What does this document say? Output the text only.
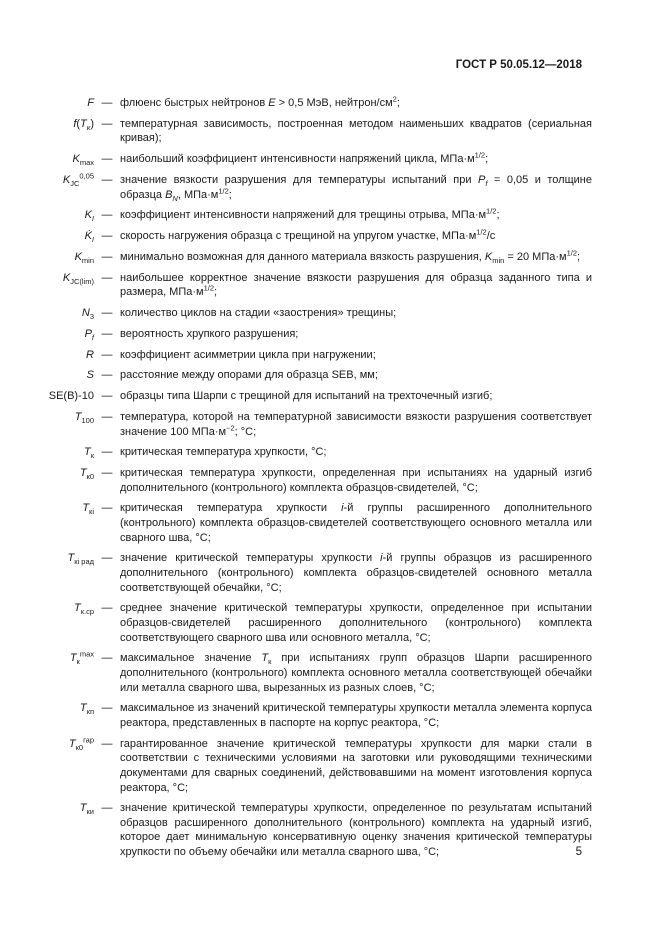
ГОСТ Р 50.05.12—2018
F — флюенс быстрых нейтронов E > 0,5 МэВ, нейтрон/$см^2$;
$f(T_к)$ — температурная зависимость, построенная методом наименьших квадратов (сериальная кривая);
$K_{max}$ — наибольший коэффициент интенсивности напряжений цикла, $МПа\cdot м^{1/2}$;
$K_{JC}^{0,05}$ — значение вязкости разрушения для температуры испытаний при $P_f = 0,05$ и толщине образца $B_N$, $МПа\cdot м^{1/2}$;
$K_I$ — коэффициент интенсивности напряжений для трещины отрыва, $МПа\cdot м^{1/2}$;
$K̇_I$ — скорость нагружения образца с трещиной на упругом участке, $МПа\cdot м^{1/2}/с$
$K_{min}$ — минимально возможная для данного материала вязкость разрушения, $K_{min} = 20$ $МПа\cdot м^{1/2}$;
$K_{JC(lim)}$ — наибольшее корректное значение вязкости разрушения для образца заданного типа и размера, $МПа\cdot м^{1/2}$;
$N_3$ — количество циклов на стадии «заострения» трещины;
$P_f$ — вероятность хрупкого разрушения;
R — коэффициент асимметрии цикла при нагружении;
S — расстояние между опорами для образца SEB, мм;
SE(B)-10 — образцы типа Шарпи с трещиной для испытаний на трехточечный изгиб;
$T_{100}$ — температура, которой на температурной зависимости вязкости разрушения соответствует значение 100 $МПа\cdot м^{-2}$; °С;
$T_к$ — критическая температура хрупкости, °С;
$T_{к0}$ — критическая температура хрупкости, определенная при испытаниях на ударный изгиб дополнительного (контрольного) комплекта образцов-свидетелей, °С;
$T_{кi}$ — критическая температура хрупкости i-й группы расширенного дополнительного (контрольного) комплекта образцов-свидетелей соответствующего основного металла или сварного шва, °С;
$T_{кi рад}$ — значение критической температуры хрупкости i-й группы образцов из расширенного дополнительного (контрольного) комплекта образцов-свидетелей основного металла соответствующей обечайки, °С;
$T_{к.ср}$ — среднее значение критической температуры хрупкости, определенное при испытании образцов-свидетелей расширенного дополнительного (контрольного) комплекта соответствующего сварного шва или основного металла, °С;
$T_к^{max}$ — максимальное значение $T_к$ при испытаниях групп образцов Шарпи расширенного дополнительного (контрольного) комплекта основного металла соответствующей обечайки или металла сварного шва, вырезанных из разных слоев, °С;
$T_{кп}$ — максимальное из значений критической температуры хрупкости металла элемента корпуса реактора, представленных в паспорте на корпус реактора, °С;
$T_{к0}^{гар}$ — гарантированное значение критической температуры хрупкости для марки стали в соответствии с техническими условиями на заготовки или руководящими техническими документами для сварных соединений, действовавшими на момент изготовления корпуса реактора, °С;
$T_{ки}$ — значение критической температуры хрупкости, определенное по результатам испытаний образцов расширенного дополнительного (контрольного) комплекта на ударный изгиб, которое дает минимальную консервативную оценку значения критической температуры хрупкости по объему обечайки или металла сварного шва, °С;	5
